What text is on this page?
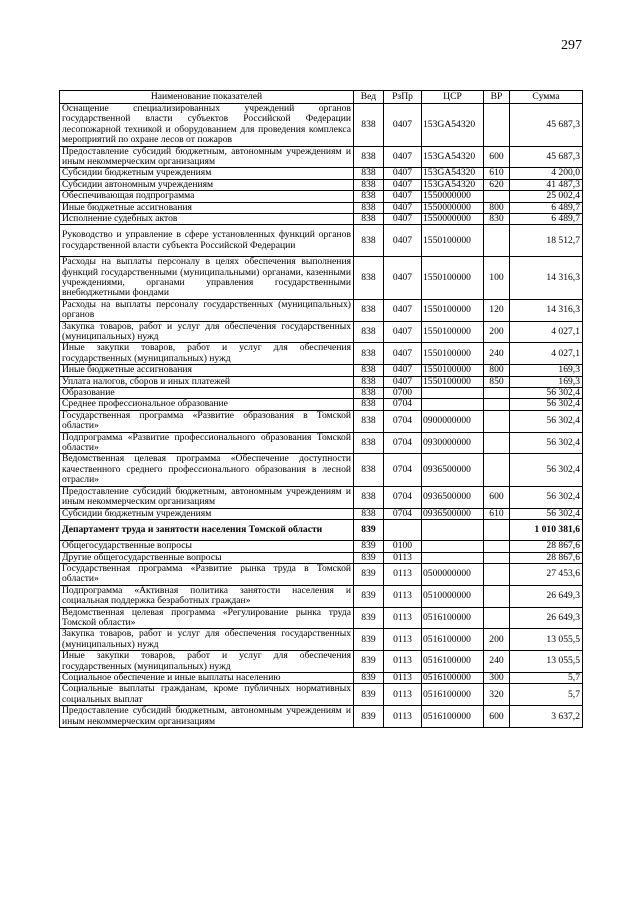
297
Наименование показателей	Вед	РзПр	ЦСР	ВР	Сумма
Оснащение специализированных учреждений органов государственной власти субъектов Российской Федерации лесопожарной техникой и оборудованием для проведения комплекса мероприятий по охране лесов от пожаров	838	0407	153GA54320		45 687,3
Предоставление субсидий бюджетным, автономным учреждениям и иным некоммерческим организациям	838	0407	153GA54320	600	45 687,3
Субсидии бюджетным учреждениям	838	0407	153GA54320	610	4 200,0
Субсидии автономным учреждениям	838	0407	153GA54320	620	41 487,3
Обеспечивающая подпрограмма	838	0407	1550000000		25 002,4
Иные бюджетные ассигнования	838	0407	1550000000	800	6 489,7
Исполнение судебных актов	838	0407	1550000000	830	6 489,7
Руководство и управление в сфере установленных функций органов государственной власти субъекта Российской Федерации	838	0407	1550100000		18 512,7
Расходы на выплаты персоналу в целях обеспечения выполнения функций государственными (муниципальными) органами, казенными учреждениями, органами управления государственными внебюджетными фондами	838	0407	1550100000	100	14 316,3
Расходы на выплаты персоналу государственных (муниципальных) органов	838	0407	1550100000	120	14 316,3
Закупка товаров, работ и услуг для обеспечения государственных (муниципальных) нужд	838	0407	1550100000	200	4 027,1
Иные закупки товаров, работ и услуг для обеспечения государственных (муниципальных) нужд	838	0407	1550100000	240	4 027,1
Иные бюджетные ассигнования	838	0407	1550100000	800	169,3
Уплата налогов, сборов и иных платежей	838	0407	1550100000	850	169,3
Образование	838	0700			56 302,4
Среднее профессиональное образование	838	0704			56 302,4
Государственная программа «Развитие образования в Томской области»	838	0704	0900000000		56 302,4
Подпрограмма «Развитие профессионального образования Томской области»	838	0704	0930000000		56 302,4
Ведомственная целевая программа «Обеспечение доступности качественного среднего профессионального образования в лесной отрасли»	838	0704	0936500000		56 302,4
Предоставление субсидий бюджетным, автономным учреждениям и иным некоммерческим организациям	838	0704	0936500000	600	56 302,4
Субсидии бюджетным учреждениям	838	0704	0936500000	610	56 302,4
Департамент труда и занятости населения Томской области	839				1 010 381,6
Общегосударственные вопросы	839	0100			28 867,6
Другие общегосударственные вопросы	839	0113			28 867,6
Государственная программа «Развитие рынка труда в Томской области»	839	0113	0500000000		27 453,6
Подпрограмма «Активная политика занятости населения и социальная поддержка безработных граждан»	839	0113	0510000000		26 649,3
Ведомственная целевая программа «Регулирование рынка труда Томской области»	839	0113	0516100000		26 649,3
Закупка товаров, работ и услуг для обеспечения государственных (муниципальных) нужд	839	0113	0516100000	200	13 055,5
Иные закупки товаров, работ и услуг для обеспечения государственных (муниципальных) нужд	839	0113	0516100000	240	13 055,5
Социальное обеспечение и иные выплаты населению	839	0113	0516100000	300	5,7
Социальные выплаты гражданам, кроме публичных нормативных социальных выплат	839	0113	0516100000	320	5,7
Предоставление субсидий бюджетным, автономным учреждениям и иным некоммерческим организациям	839	0113	0516100000	600	3 637,2
